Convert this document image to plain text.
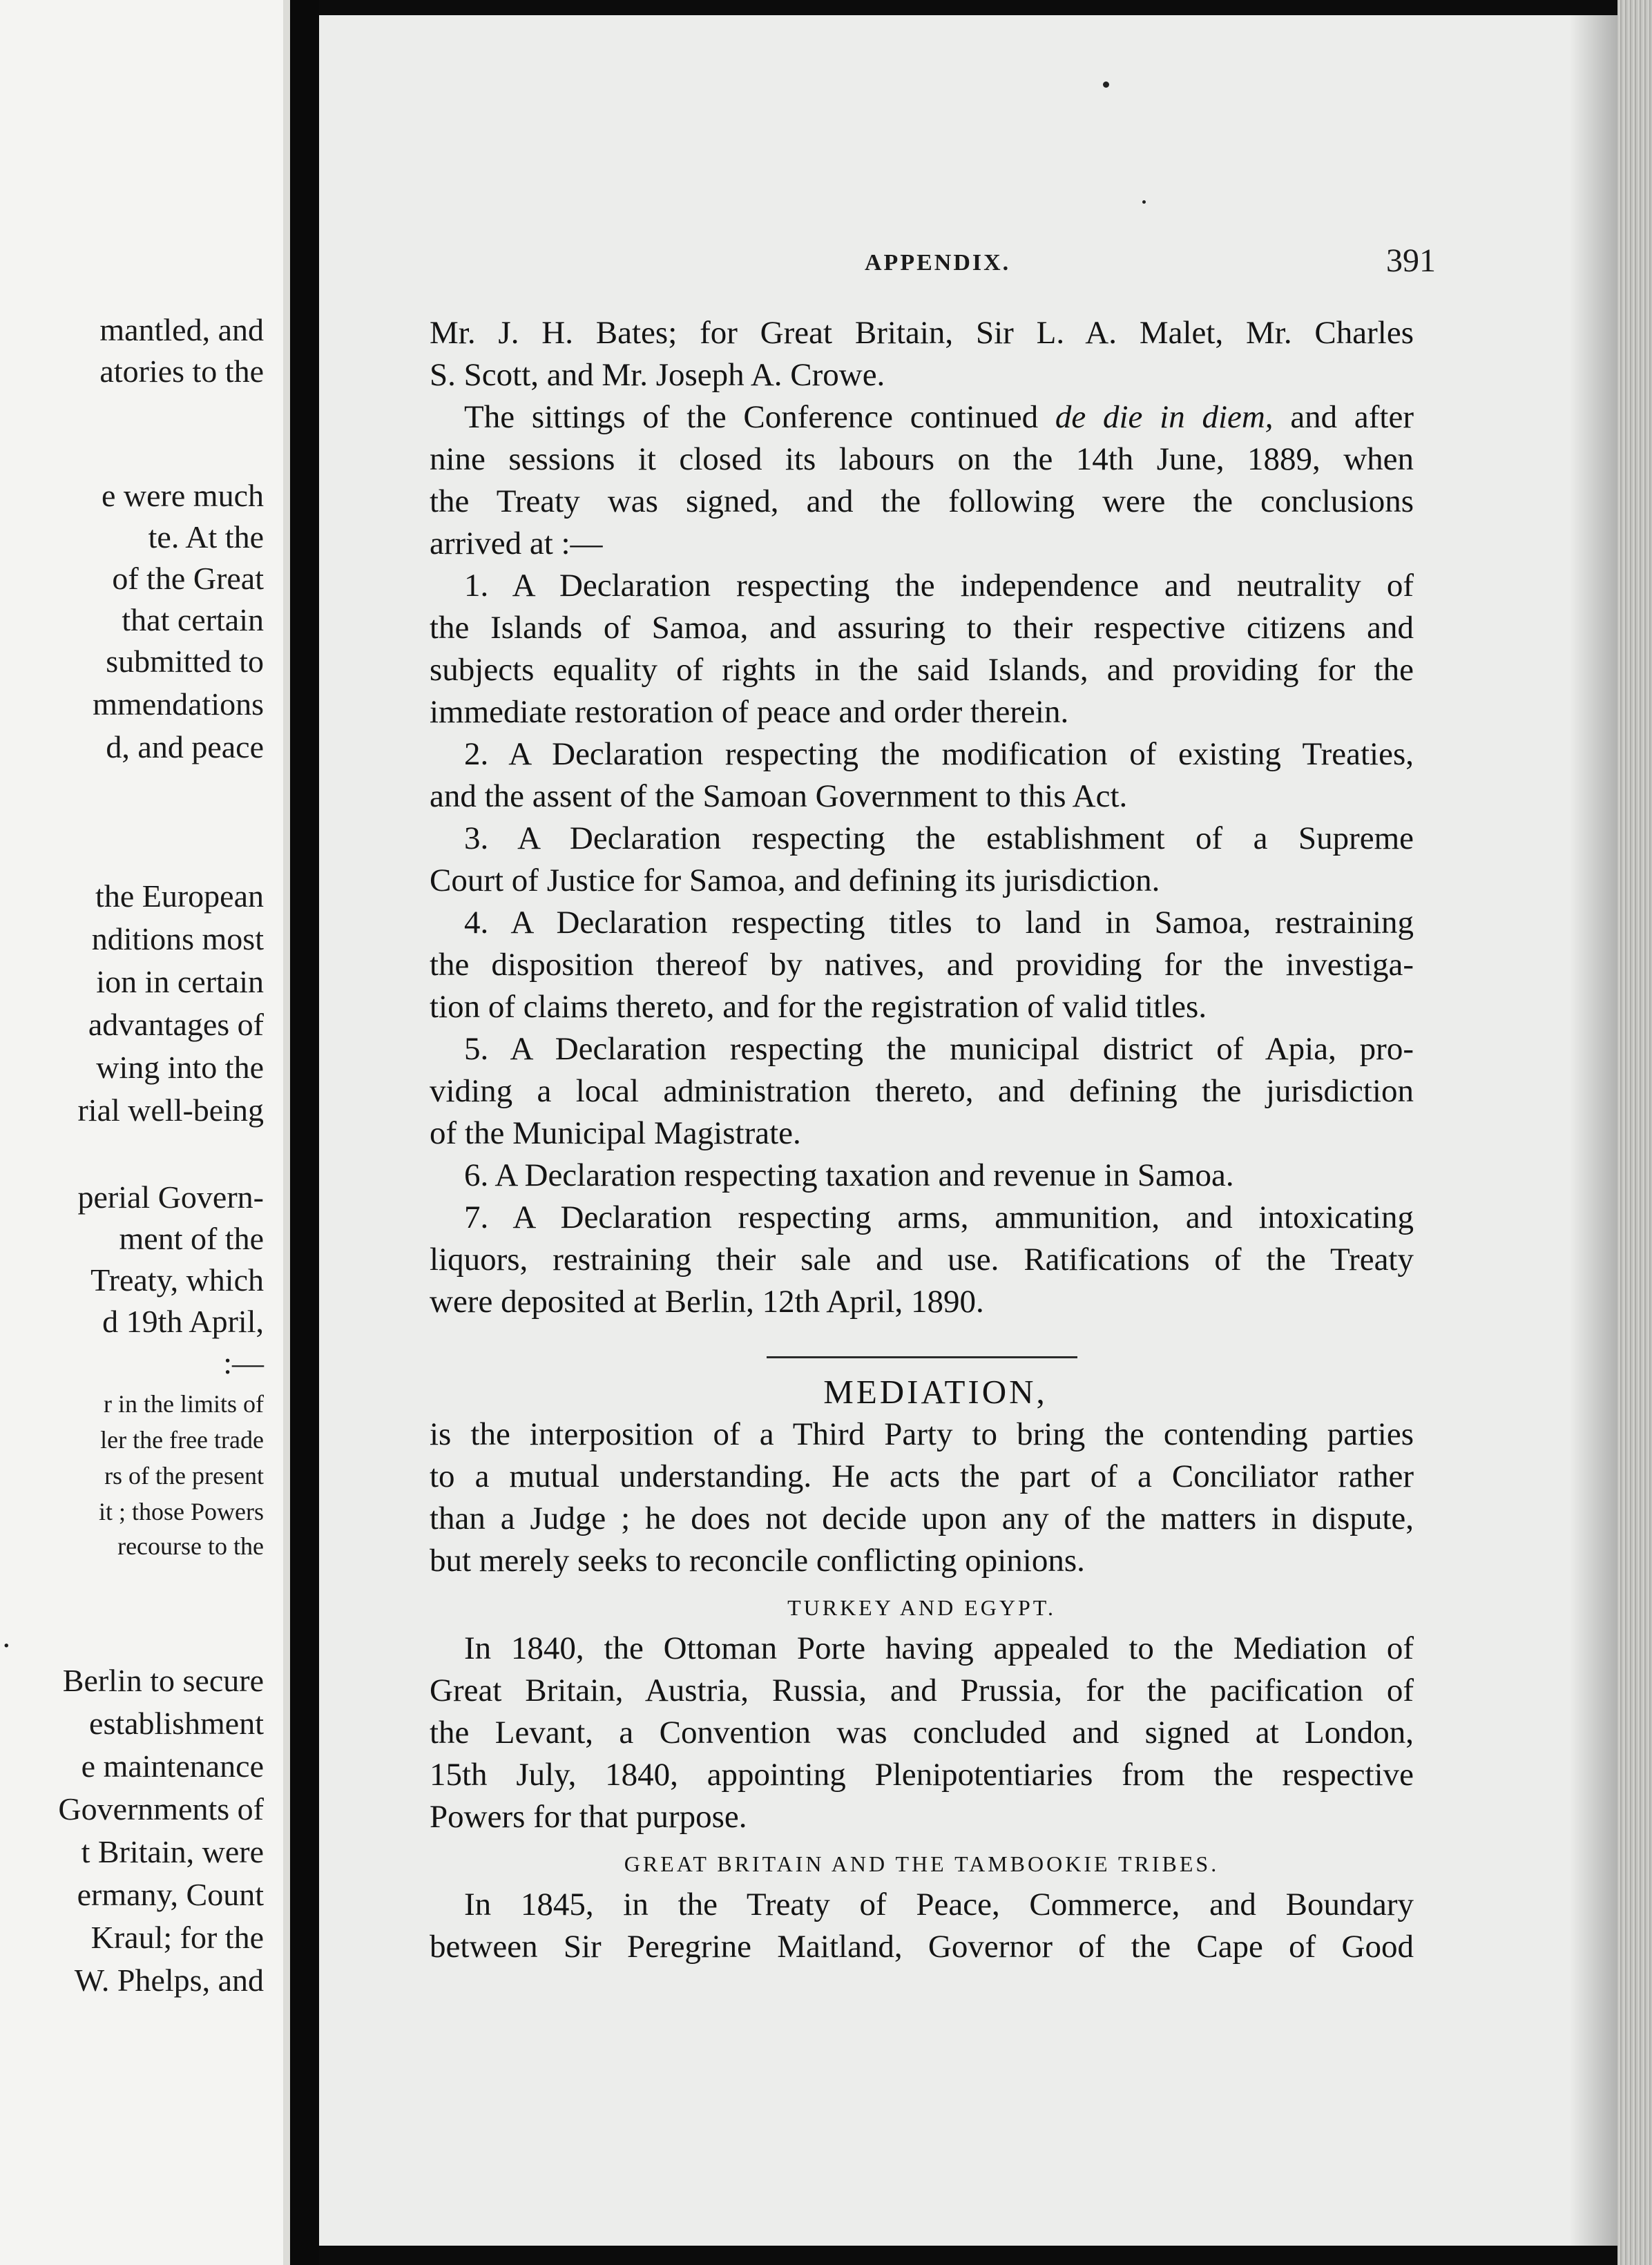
mantled, and
atories to the
e were much
te. At the
of the Great
that certain
submitted to
mmendations
d, and peace
the European
nditions most
ion in certain
advantages of
wing into the
rial well-being
perial Govern-
ment of the
Treaty, which
d 19th April,
:—
r in the limits of
ler the free trade
rs of the present
it ; those Powers
recourse to the
.
Berlin to secure
establishment
e maintenance
Governments of
t Britain, were
ermany, Count
Kraul; for the
W. Phelps, and
APPENDIX.	391
Mr. J. H. Bates; for Great Britain, Sir L. A. Malet, Mr. Charles
S. Scott, and Mr. Joseph A. Crowe.
The sittings of the Conference continued de die in diem, and after
nine sessions it closed its labours on the 14th June, 1889, when
the Treaty was signed, and the following were the conclusions
arrived at :—
1. A Declaration respecting the independence and neutrality of
the Islands of Samoa, and assuring to their respective citizens and
subjects equality of rights in the said Islands, and providing for the
immediate restoration of peace and order therein.
2. A Declaration respecting the modification of existing Treaties,
and the assent of the Samoan Government to this Act.
3. A Declaration respecting the establishment of a Supreme
Court of Justice for Samoa, and defining its jurisdiction.
4. A Declaration respecting titles to land in Samoa, restraining
the disposition thereof by natives, and providing for the investiga-
tion of claims thereto, and for the registration of valid titles.
5. A Declaration respecting the municipal district of Apia, pro-
viding a local administration thereto, and defining the jurisdiction
of the Municipal Magistrate.
6. A Declaration respecting taxation and revenue in Samoa.
7. A Declaration respecting arms, ammunition, and intoxicating
liquors, restraining their sale and use. Ratifications of the Treaty
were deposited at Berlin, 12th April, 1890.
MEDIATION,
is the interposition of a Third Party to bring the contending parties
to a mutual understanding. He acts the part of a Conciliator rather
than a Judge ; he does not decide upon any of the matters in dispute,
but merely seeks to reconcile conflicting opinions.
TURKEY AND EGYPT.
In 1840, the Ottoman Porte having appealed to the Mediation of
Great Britain, Austria, Russia, and Prussia, for the pacification of
the Levant, a Convention was concluded and signed at London,
15th July, 1840, appointing Plenipotentiaries from the respective
Powers for that purpose.
GREAT BRITAIN AND THE TAMBOOKIE TRIBES.
In 1845, in the Treaty of Peace, Commerce, and Boundary
between Sir Peregrine Maitland, Governor of the Cape of Good
